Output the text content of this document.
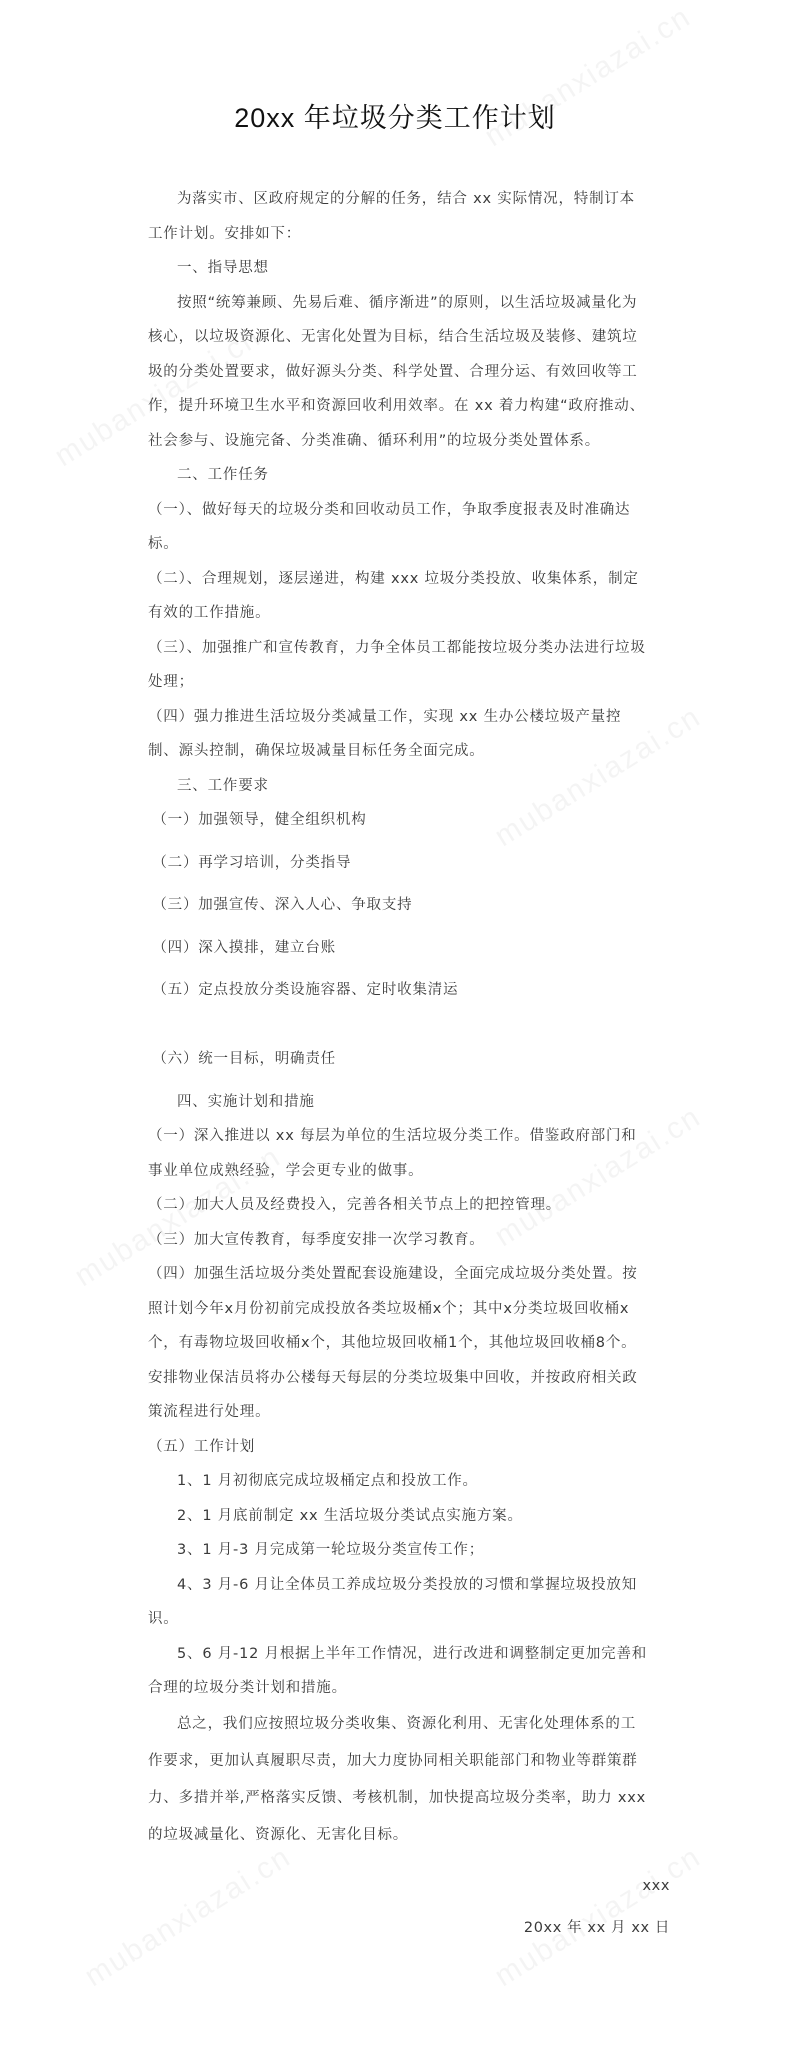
20xx 年垃圾分类工作计划

为落实市、区政府规定的分解的任务，结合 xx 实际情况，特制订本工作计划。安排如下：

一、指导思想

按照“统筹兼顾、先易后难、循序渐进”的原则，以生活垃圾减量化为核心，以垃圾资源化、无害化处置为目标，结合生活垃圾及装修、建筑垃圾的分类处置要求，做好源头分类、科学处置、合理分运、有效回收等工作，提升环境卫生水平和资源回收利用效率。在 xx 着力构建“政府推动、社会参与、设施完备、分类准确、循环利用”的垃圾分类处置体系。

二、工作任务

（一）、做好每天的垃圾分类和回收动员工作，争取季度报表及时准确达标。

（二）、合理规划，逐层递进，构建 xxx 垃圾分类投放、收集体系，制定有效的工作措施。

（三）、加强推广和宣传教育，力争全体员工都能按垃圾分类办法进行垃圾处理；

（四）强力推进生活垃圾分类减量工作，实现 xx 生办公楼垃圾产量控制、源头控制，确保垃圾减量目标任务全面完成。

三、工作要求

（一）加强领导，健全组织机构

（二）再学习培训，分类指导

（三）加强宣传、深入人心、争取支持

（四）深入摸排，建立台账

（五）定点投放分类设施容器、定时收集清运

（六）统一目标，明确责任

四、实施计划和措施

（一）深入推进以 xx 每层为单位的生活垃圾分类工作。借鉴政府部门和事业单位成熟经验，学会更专业的做事。

（二）加大人员及经费投入，完善各相关节点上的把控管理。

（三）加大宣传教育，每季度安排一次学习教育。

（四）加强生活垃圾分类处置配套设施建设，全面完成垃圾分类处置。按照计划今年x月份初前完成投放各类垃圾桶x个；其中x分类垃圾回收桶x个，有毒物垃圾回收桶x个，其他垃圾回收桶1个，其他垃圾回收桶8个。安排物业保洁员将办公楼每天每层的分类垃圾集中回收，并按政府相关政策流程进行处理。

（五）工作计划

1、1 月初彻底完成垃圾桶定点和投放工作。

2、1 月底前制定 xx 生活垃圾分类试点实施方案。

3、1 月-3 月完成第一轮垃圾分类宣传工作；

4、3 月-6 月让全体员工养成垃圾分类投放的习惯和掌握垃圾投放知识。

5、6 月-12 月根据上半年工作情况，进行改进和调整制定更加完善和合理的垃圾分类计划和措施。

总之，我们应按照垃圾分类收集、资源化利用、无害化处理体系的工作要求，更加认真履职尽责，加大力度协同相关职能部门和物业等群策群力、多措并举,严格落实反馈、考核机制，加快提高垃圾分类率，助力 xxx 的垃圾减量化、资源化、无害化目标。

xxx
20xx 年 xx 月 xx 日
